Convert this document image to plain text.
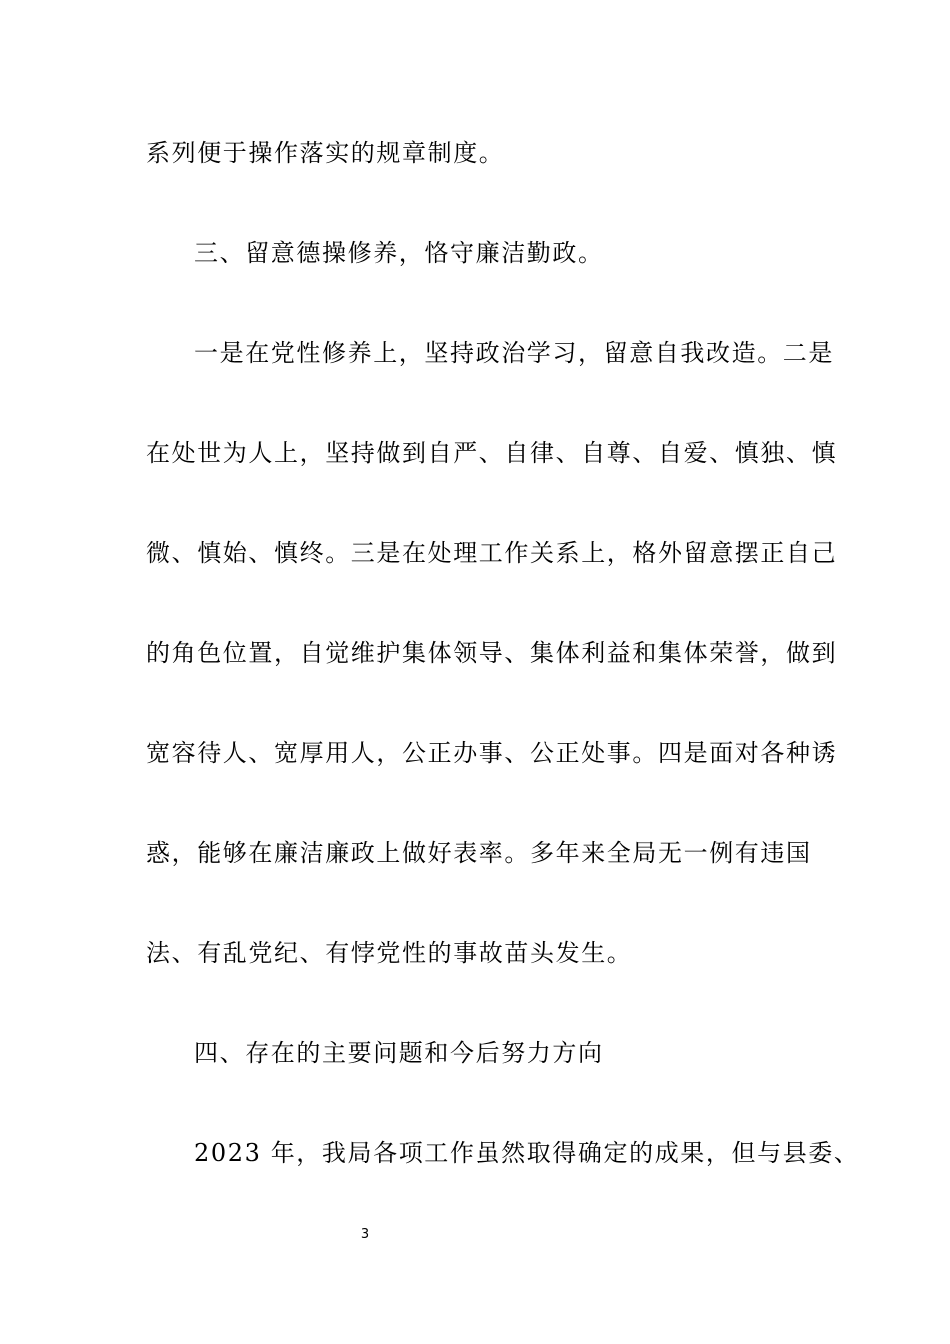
系列便于操作落实的规章制度。
三、留意德操修养，恪守廉洁勤政。
一是在党性修养上，坚持政治学习，留意自我改造。二是
在处世为人上，坚持做到自严、自律、自尊、自爱、慎独、慎
微、慎始、慎终。三是在处理工作关系上，格外留意摆正自己
的角色位置，自觉维护集体领导、集体利益和集体荣誉，做到
宽容待人、宽厚用人，公正办事、公正处事。四是面对各种诱
惑，能够在廉洁廉政上做好表率。多年来全局无一例有违国
法、有乱党纪、有悖党性的事故苗头发生。
四、存在的主要问题和今后努力方向
2023 年，我局各项工作虽然取得确定的成果，但与县委、
3
